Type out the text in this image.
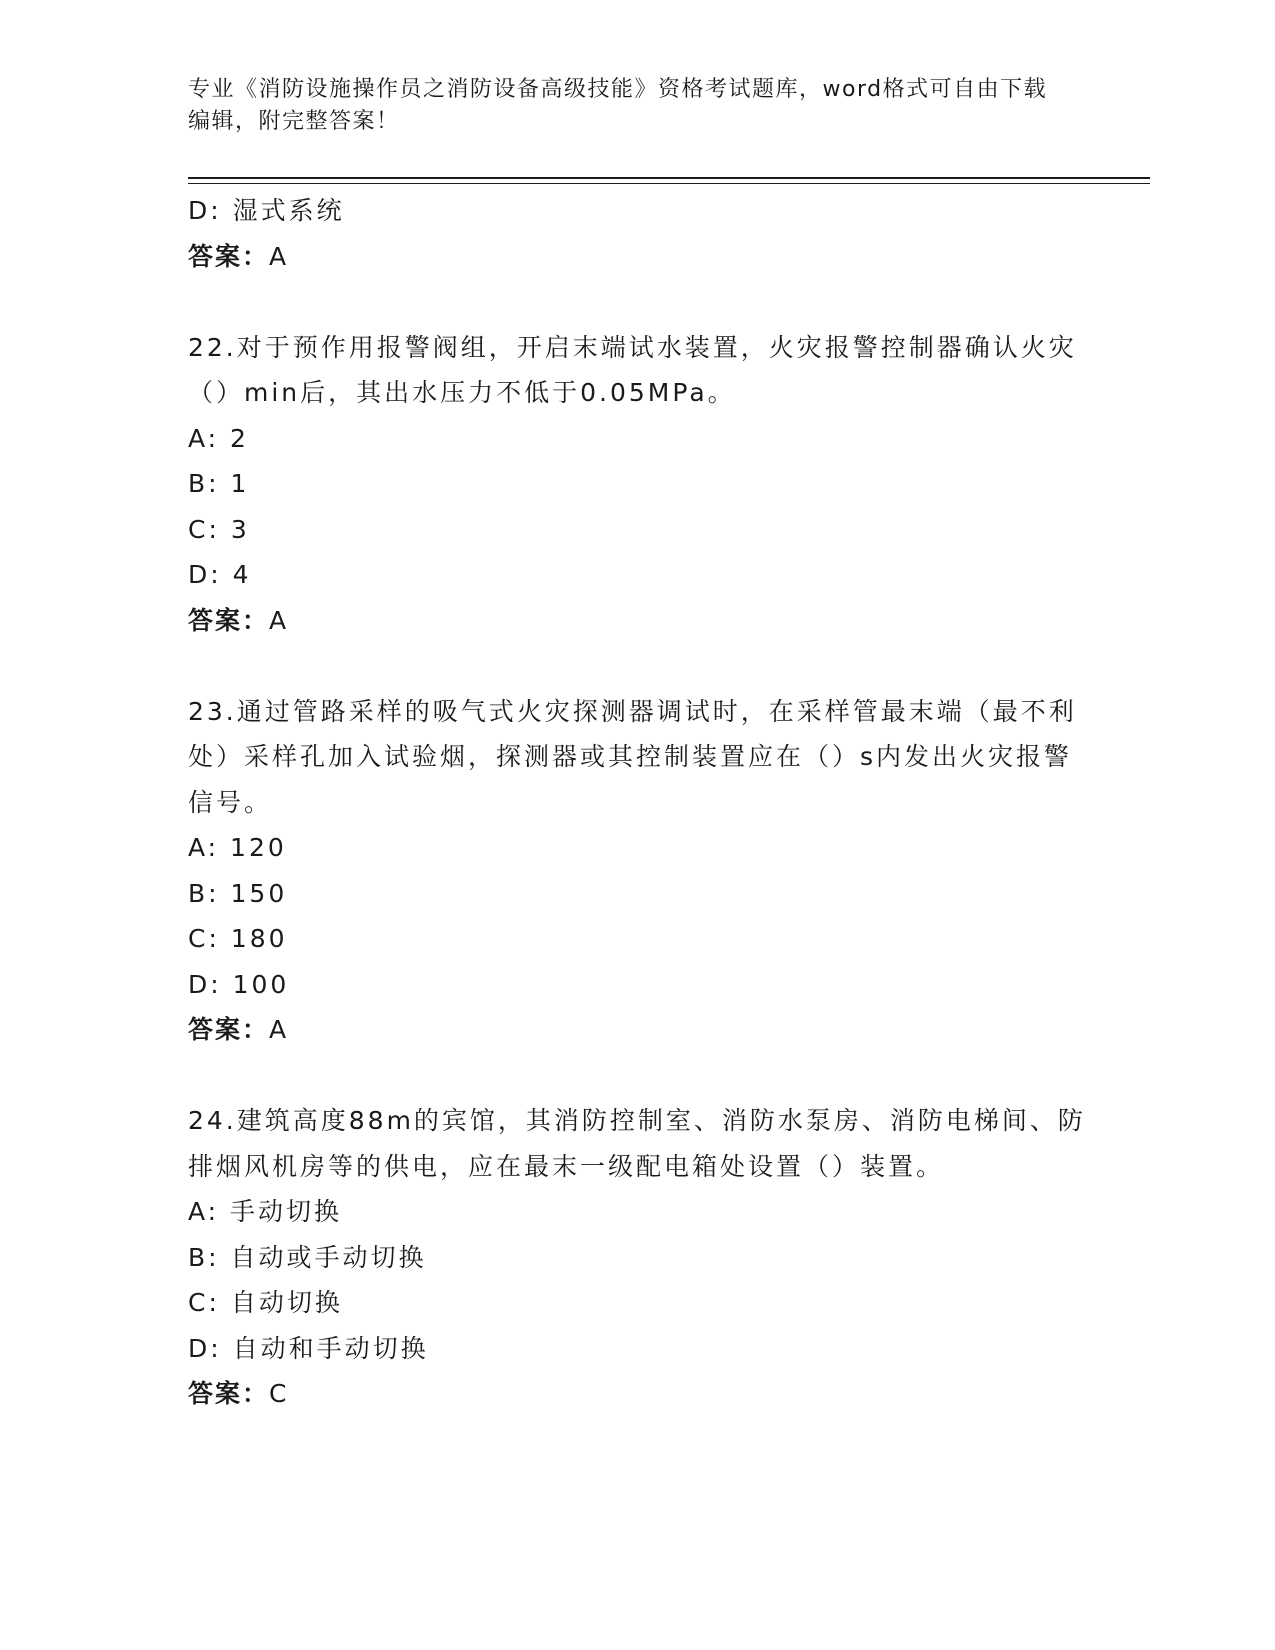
专业《消防设施操作员之消防设备高级技能》资格考试题库，word格式可自由下载编辑，附完整答案！
D: 湿式系统
答案：A
22.对于预作用报警阀组，开启末端试水装置，火灾报警控制器确认火灾（）min后，其出水压力不低于0.05MPa。
A: 2
B: 1
C: 3
D: 4
答案：A
23.通过管路采样的吸气式火灾探测器调试时，在采样管最末端（最不利处）采样孔加入试验烟，探测器或其控制装置应在（）s内发出火灾报警信号。
A: 120
B: 150
C: 180
D: 100
答案：A
24.建筑高度88m的宾馆，其消防控制室、消防水泵房、消防电梯间、防排烟风机房等的供电，应在最末一级配电箱处设置（）装置。
A: 手动切换
B: 自动或手动切换
C: 自动切换
D: 自动和手动切换
答案：C
